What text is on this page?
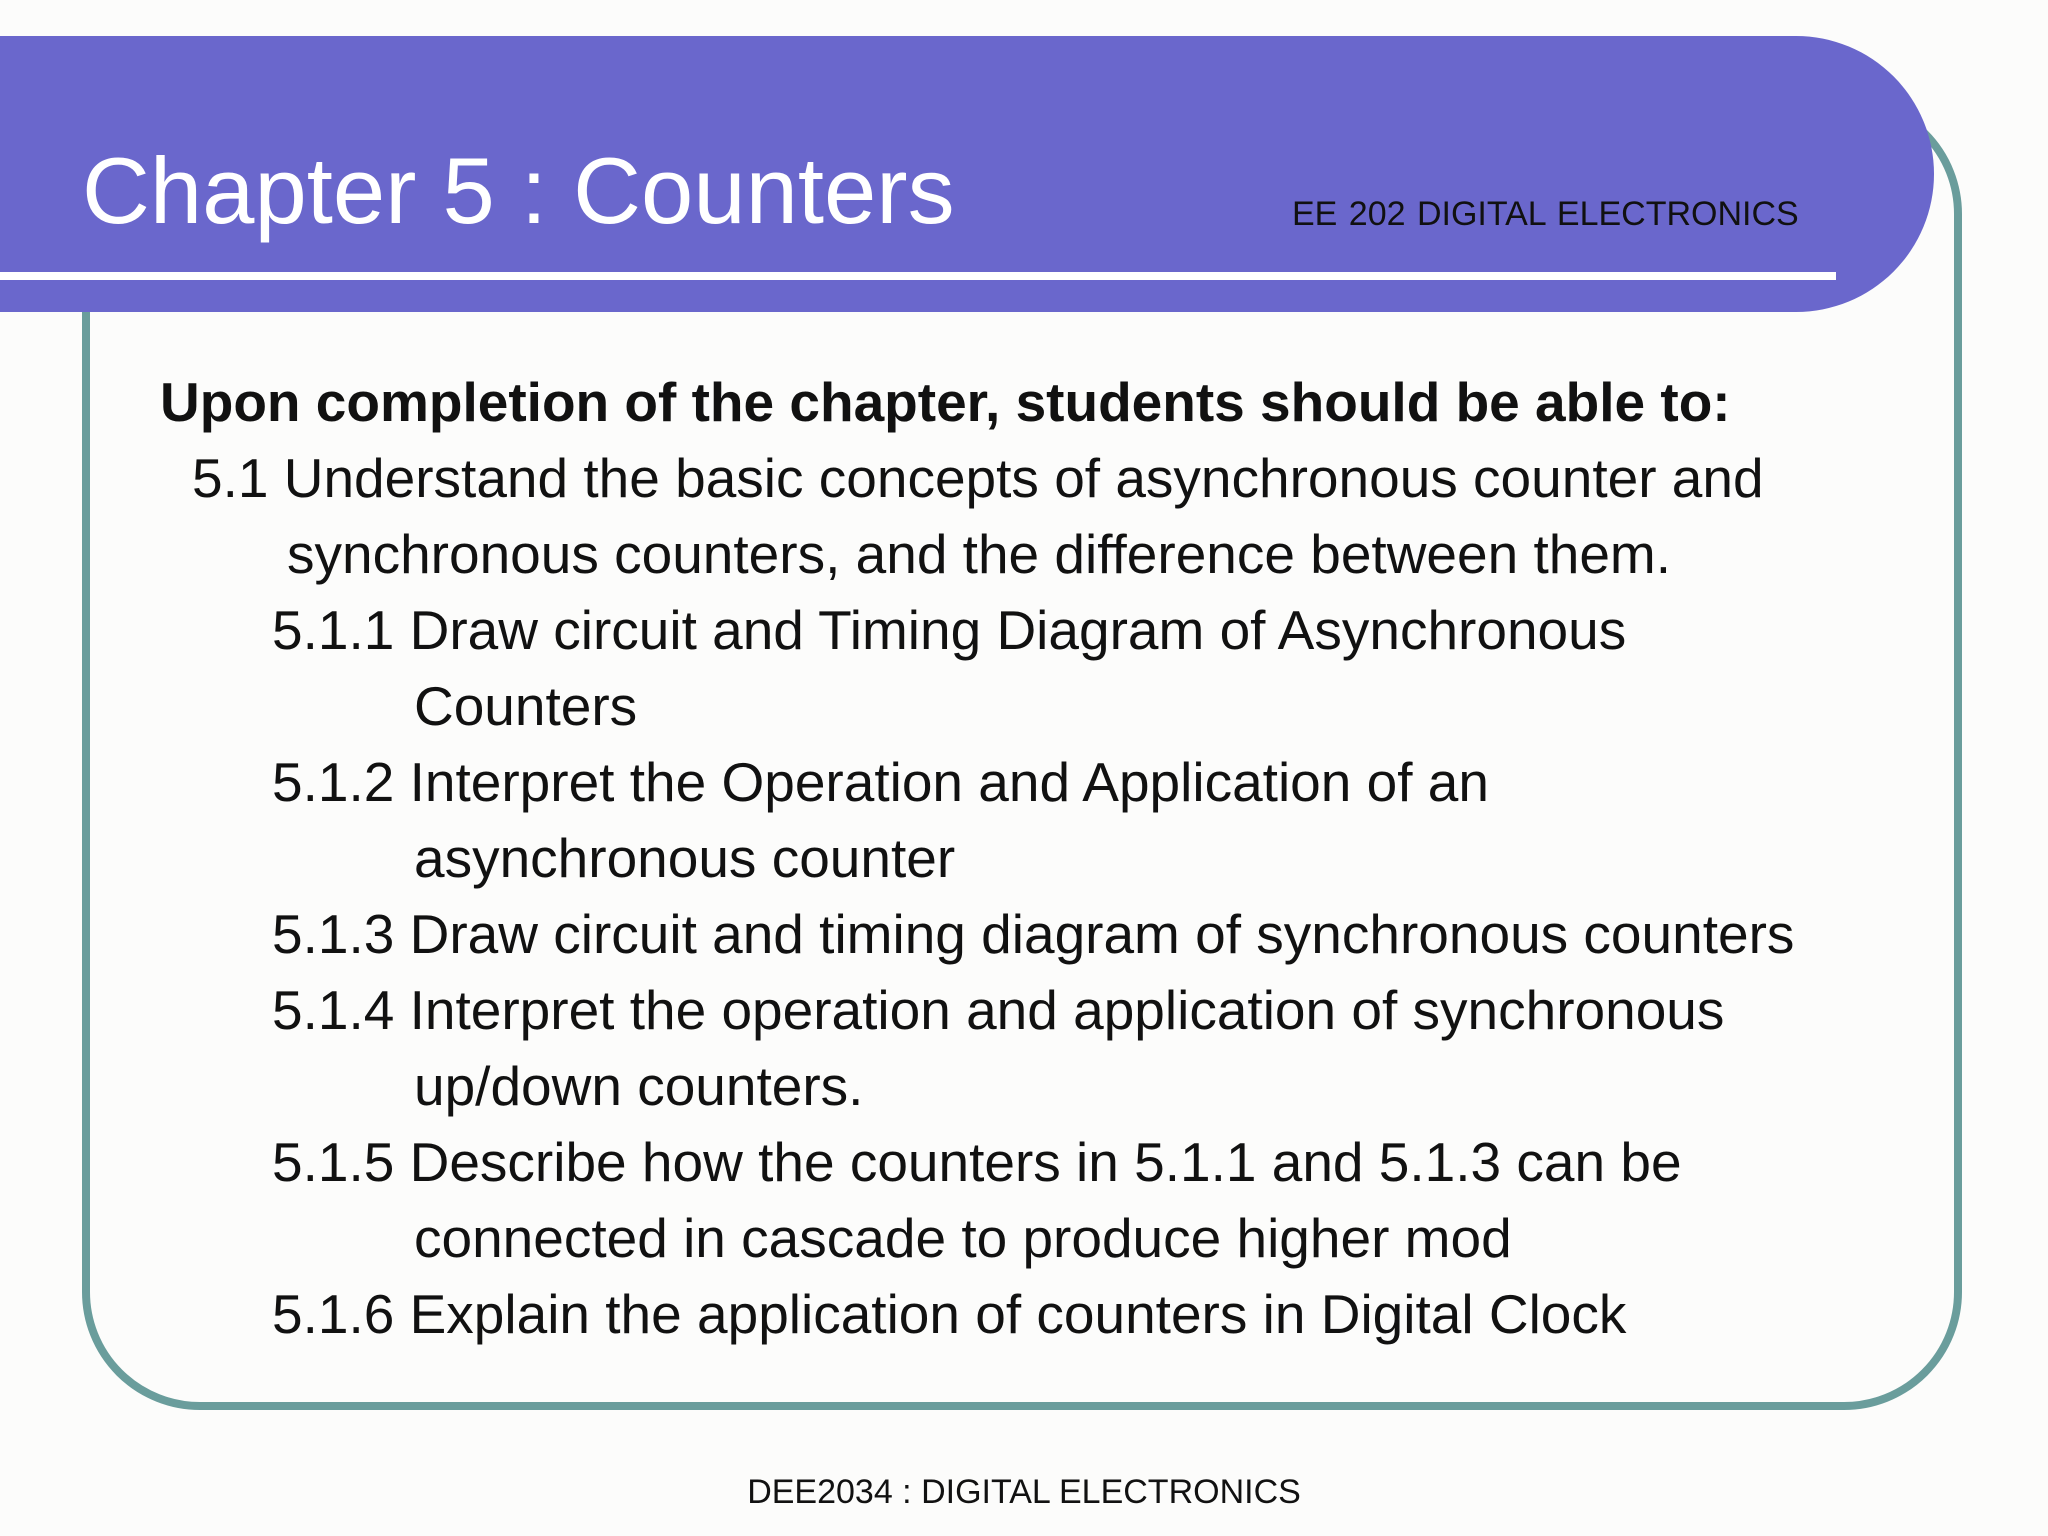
Chapter 5 : Counters	EE 202 DIGITAL ELECTRONICS
Upon completion of the chapter, students should be able to:
5.1 Understand the basic concepts of asynchronous counter and
synchronous counters, and the difference between them.
5.1.1 Draw circuit and Timing Diagram of Asynchronous
Counters
5.1.2 Interpret the Operation and Application of an
asynchronous counter
5.1.3 Draw circuit and timing diagram of synchronous counters
5.1.4 Interpret the operation and application of synchronous
up/down counters.
5.1.5 Describe how the counters in 5.1.1 and 5.1.3 can be
connected in cascade to produce higher mod
5.1.6 Explain the application of counters in Digital Clock
DEE2034 : DIGITAL ELECTRONICS
